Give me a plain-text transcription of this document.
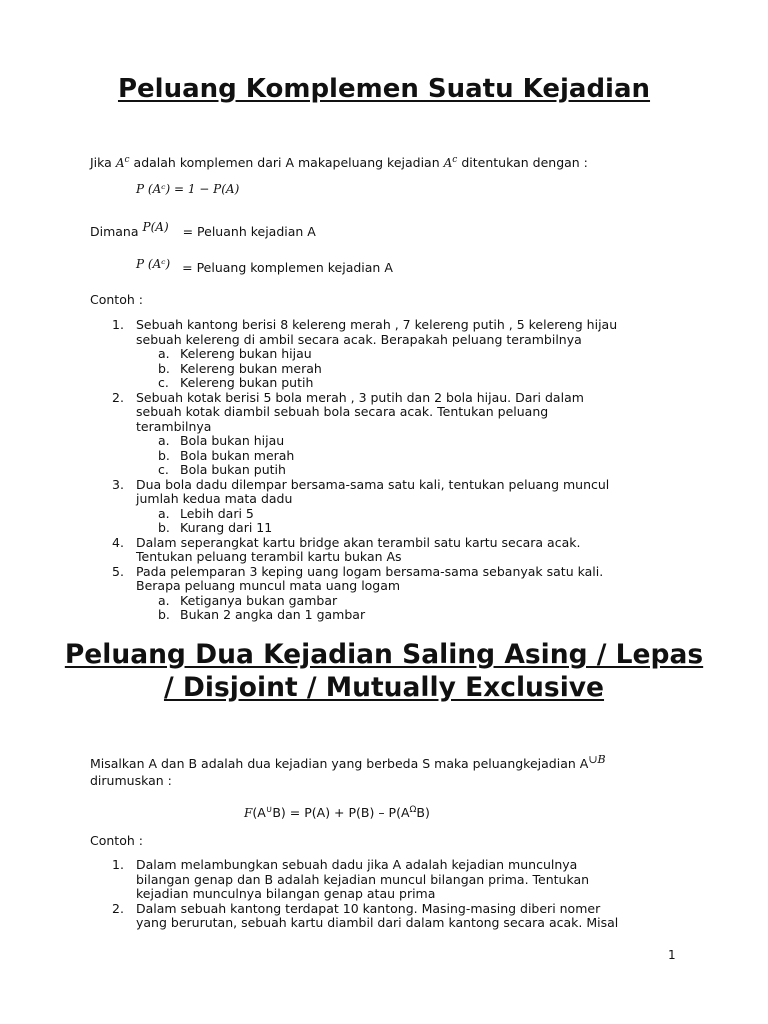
Peluang Komplemen Suatu Kejadian
Jika $A^c$ adalah komplemen dari A makapeluang kejadian $A^c$ ditentukan dengan :
P (Aᶜ) = 1 − P(A)
Dimana P(A) = Peluanh kejadian A
P (Aᶜ) = Peluang komplemen kejadian A
Contoh :
1. Sebuah kantong berisi 8 kelereng merah , 7 kelereng putih , 5 kelereng hijau
sebuah kelereng di ambil secara acak. Berapakah peluang terambilnya
a. Kelereng bukan hijau
b. Kelereng bukan merah
c. Kelereng bukan putih
2. Sebuah kotak berisi 5 bola merah , 3 putih dan 2 bola hijau. Dari dalam
sebuah kotak diambil sebuah bola secara acak. Tentukan peluang
terambilnya
a. Bola bukan hijau
b. Bola bukan merah
c. Bola bukan putih
3. Dua bola dadu dilempar bersama-sama satu kali, tentukan peluang muncul
jumlah kedua mata dadu
a. Lebih dari 5
b. Kurang dari 11
4. Dalam seperangkat kartu bridge akan terambil satu kartu secara acak.
Tentukan peluang terambil kartu bukan As
5. Pada pelemparan 3 keping uang logam bersama-sama sebanyak satu kali.
Berapa peluang muncul mata uang logam
a. Ketiganya bukan gambar
b. Bukan 2 angka dan 1 gambar
Peluang Dua Kejadian Saling Asing / Lepas / Disjoint / Mutually Exclusive
Misalkan A dan B adalah dua kejadian yang berbeda S maka peluangkejadian A∪B
dirumuskan :
$F(A^\cup B) = P(A) + P(B) - P(A^\Omega B)$
Contoh :
1. Dalam melambungkan sebuah dadu jika A adalah kejadian munculnya
bilangan genap dan B adalah kejadian muncul bilangan prima. Tentukan
kejadian munculnya bilangan genap atau prima
2. Dalam sebuah kantong terdapat 10 kantong. Masing-masing diberi nomer
yang berurutan, sebuah kartu diambil dari dalam kantong secara acak. Misal
1
